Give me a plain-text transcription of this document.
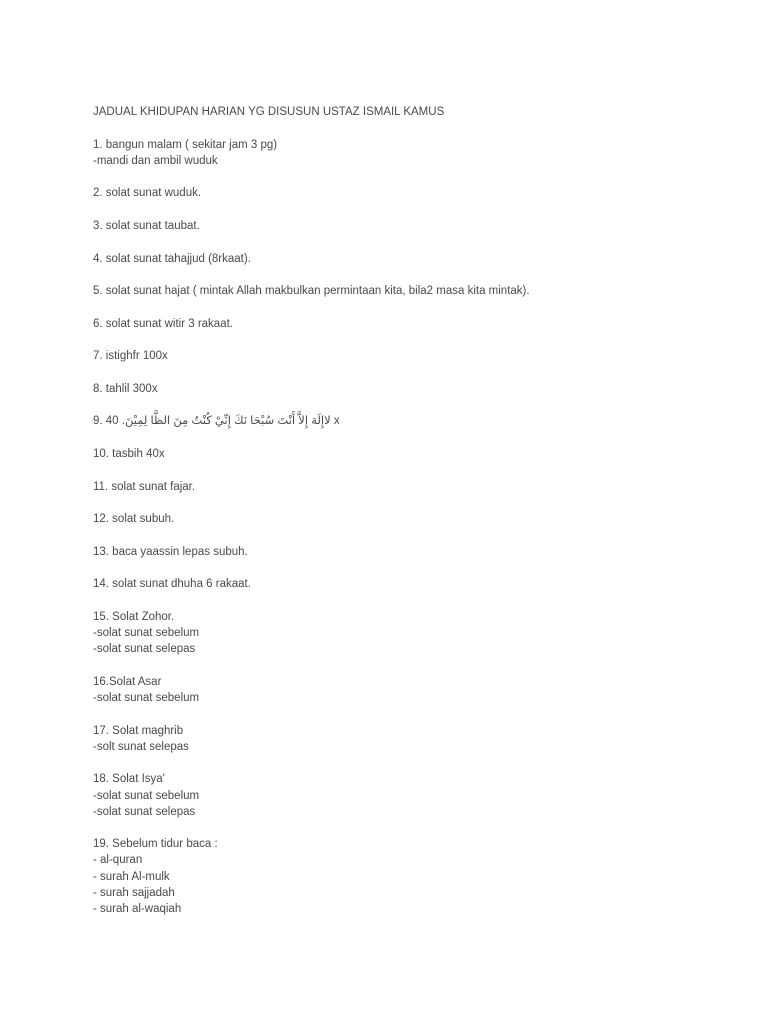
JADUAL KHIDUPAN HARIAN YG DISUSUN USTAZ ISMAIL KAMUS
1. bangun malam ( sekitar jam 3 pg)
-mandi dan ambil wuduk
2. solat sunat wuduk.
3. solat sunat taubat.
4. solat sunat tahajjud (8rkaat).
5. solat sunat hajat ( mintak Allah makbulkan permintaan kita, bila2 masa kita mintak).
6. solat sunat witir 3 rakaat.
7. istighfr 100x
8. tahlil 300x
9. 40 .لاإِلَهَ إِلاَّ أَنْتَ سُبْحَا نَكَ إِنِّيْ كُنْتُ مِنَ الظَّا لِمِيْنَ x
10. tasbih 40x
11. solat sunat fajar.
12. solat subuh.
13. baca yaassin lepas subuh.
14. solat sunat dhuha 6 rakaat.
15. Solat Zohor.
-solat sunat sebelum
-solat sunat selepas
16.Solat Asar
-solat sunat sebelum
17. Solat maghrib
-solt sunat selepas
18. Solat Isya'
-solat sunat sebelum
-solat sunat selepas
19. Sebelum tidur baca :
- al-quran
- surah Al-mulk
- surah sajjadah
- surah al-waqiah
